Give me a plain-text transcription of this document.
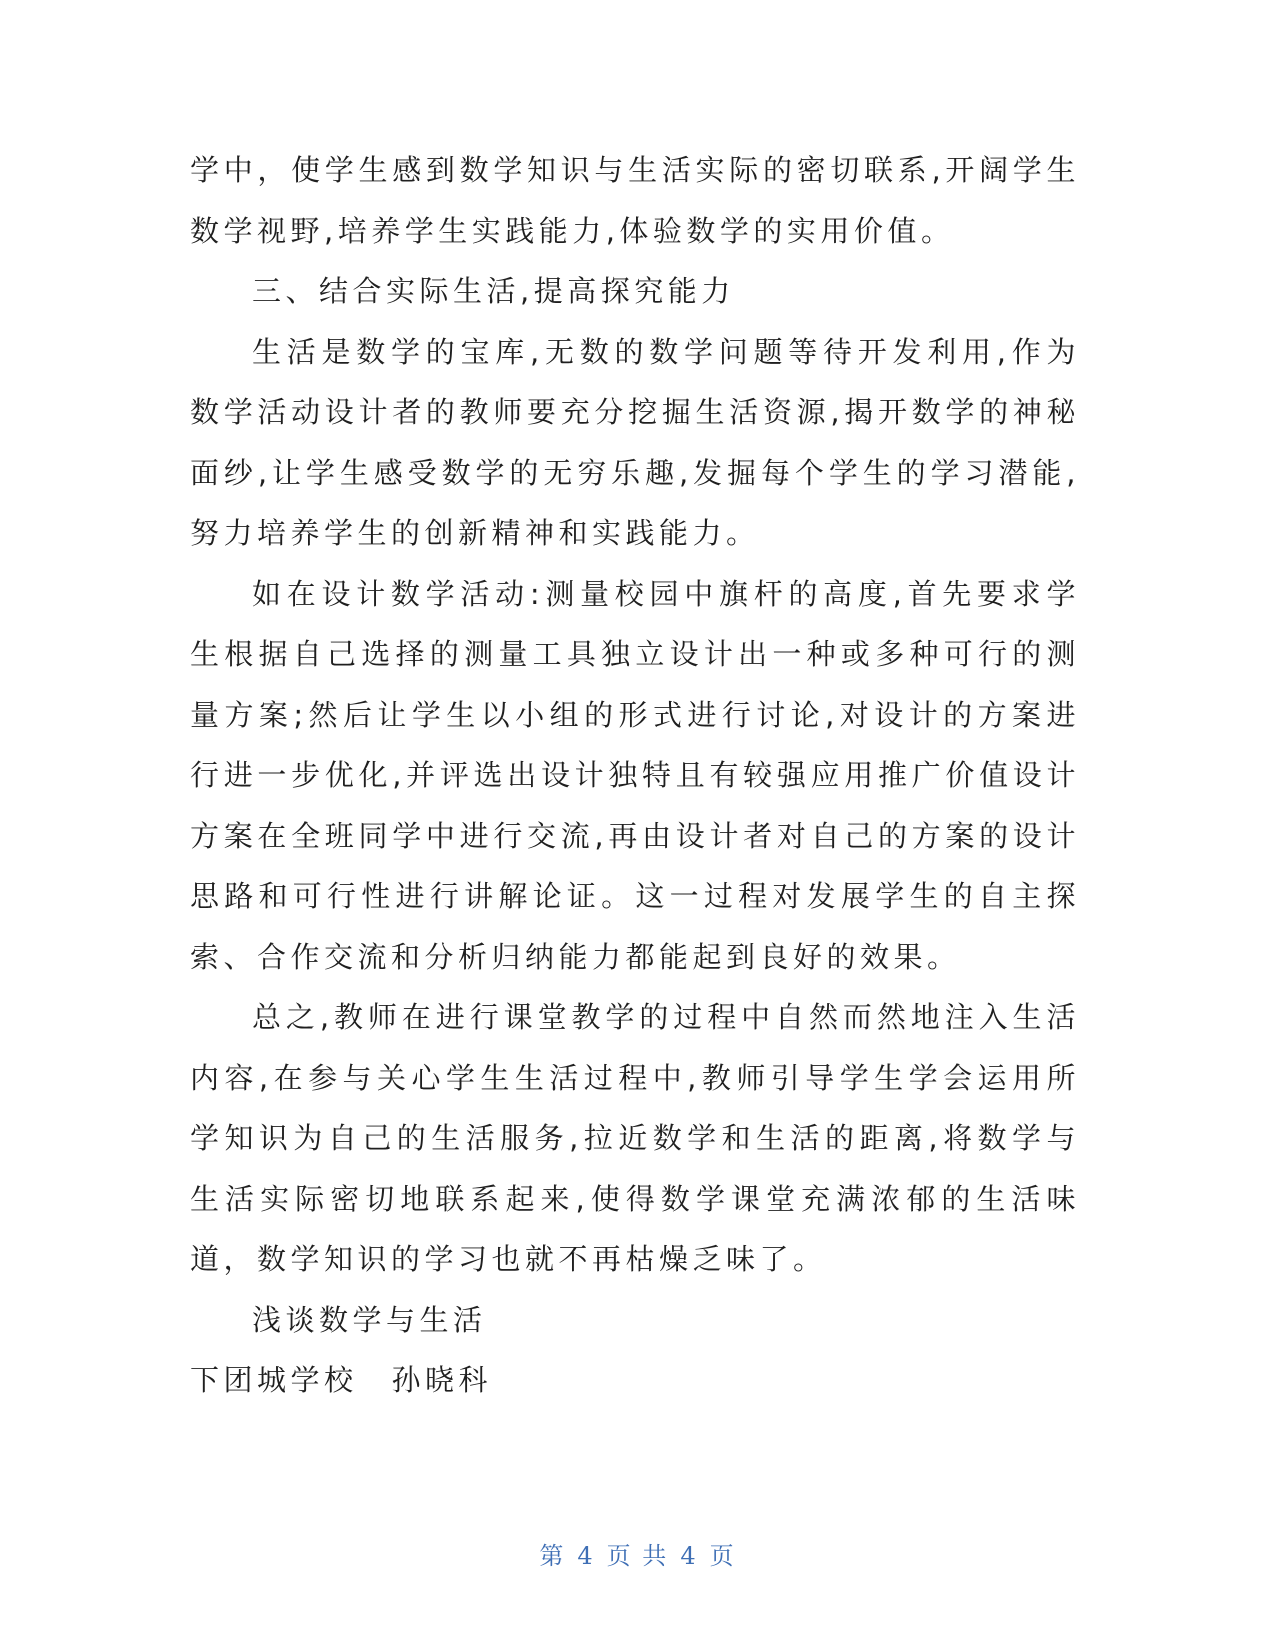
学中，使学生感到数学知识与生活实际的密切联系,开阔学生数学视野,培养学生实践能力,体验数学的实用价值。

三、结合实际生活,提高探究能力

生活是数学的宝库,无数的数学问题等待开发利用,作为数学活动设计者的教师要充分挖掘生活资源,揭开数学的神秘面纱,让学生感受数学的无穷乐趣,发掘每个学生的学习潜能,努力培养学生的创新精神和实践能力。

如在设计数学活动:测量校园中旗杆的高度,首先要求学生根据自己选择的测量工具独立设计出一种或多种可行的测量方案;然后让学生以小组的形式进行讨论,对设计的方案进行进一步优化,并评选出设计独特且有较强应用推广价值设计方案在全班同学中进行交流,再由设计者对自己的方案的设计思路和可行性进行讲解论证。这一过程对发展学生的自主探索、合作交流和分析归纳能力都能起到良好的效果。

总之,教师在进行课堂教学的过程中自然而然地注入生活内容,在参与关心学生生活过程中,教师引导学生学会运用所学知识为自己的生活服务,拉近数学和生活的距离,将数学与生活实际密切地联系起来,使得数学课堂充满浓郁的生活味道，数学知识的学习也就不再枯燥乏味了。

浅谈数学与生活

下团城学校 孙晓科

第 4 页 共 4 页
